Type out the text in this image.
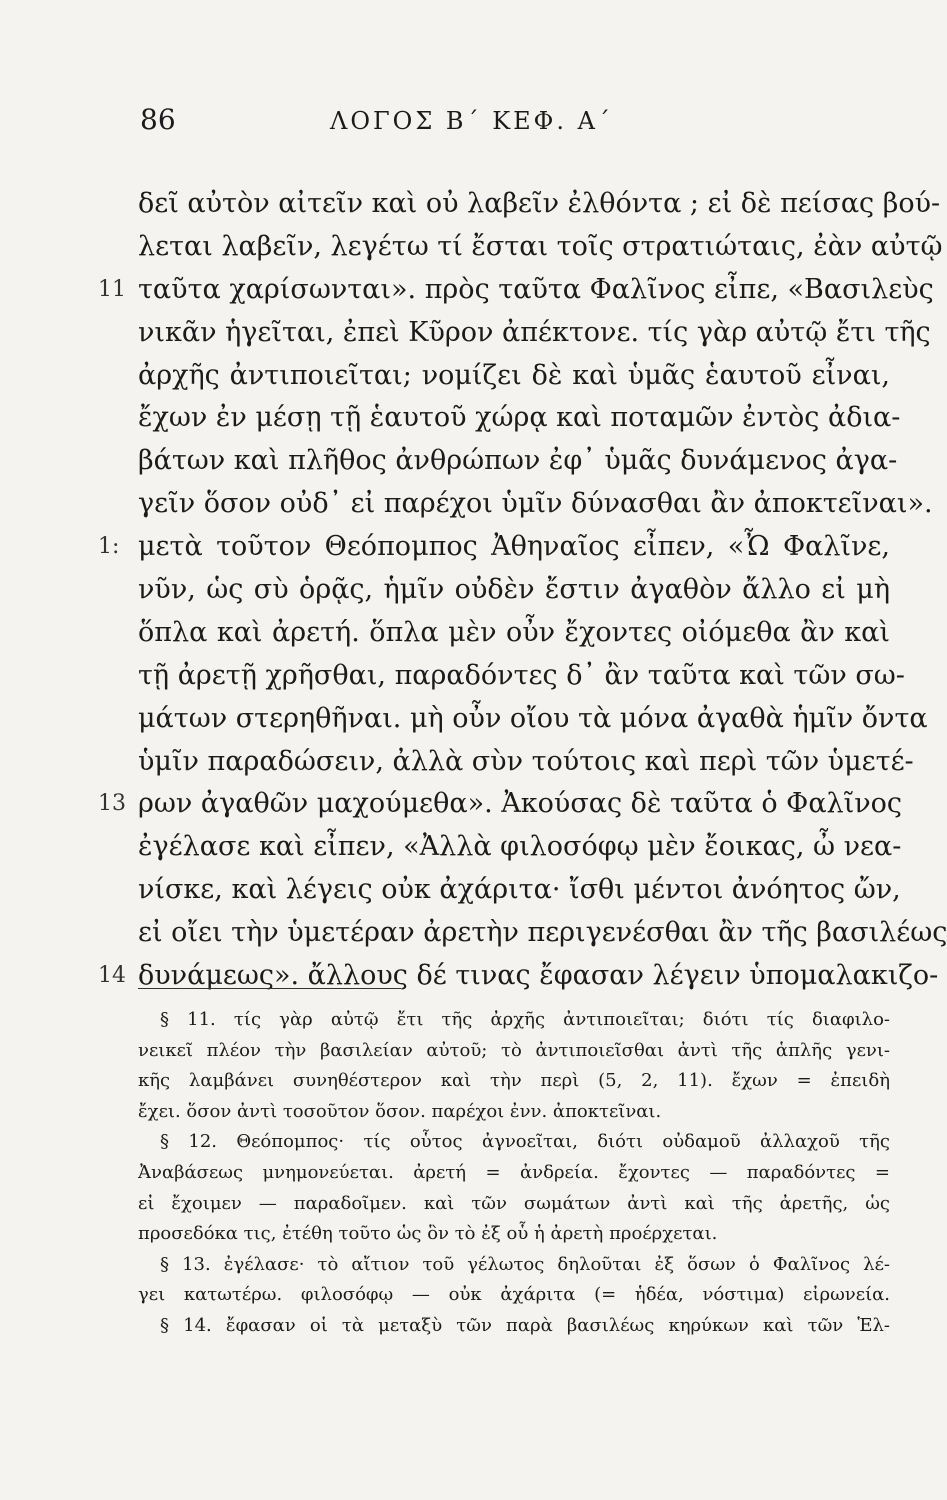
86	ΛΟΓΟΣ Β΄ ΚΕΦ. Α΄
δεῖ αὐτὸν αἰτεῖν καὶ οὐ λαβεῖν ἐλθόντα ; εἰ δὲ πείσας βού-
λεται λαβεῖν, λεγέτω τί ἔσται τοῖς στρατιώταις, ἐὰν αὐτῷ
11 ταῦτα χαρίσωνται». πρὸς ταῦτα Φαλῖνος εἶπε, «Βασιλεὺς
νικᾶν ἡγεῖται, ἐπεὶ Κῦρον ἀπέκτονε. τίς γὰρ αὐτῷ ἔτι τῆς
ἀρχῆς ἀντιποιεῖται; νομίζει δὲ καὶ ὑμᾶς ἑαυτοῦ εἶναι,
ἔχων ἐν μέσῃ τῇ ἑαυτοῦ χώρᾳ καὶ ποταμῶν ἐντὸς ἀδια-
βάτων καὶ πλῆθος ἀνθρώπων ἐφ᾽ ὑμᾶς δυνάμενος ἀγα-
γεῖν ὅσον οὐδ᾽ εἰ παρέχοι ὑμῖν δύνασθαι ἂν ἀποκτεῖναι».
1: μετὰ τοῦτον Θεόπομπος Ἀθηναῖος εἶπεν, «Ὦ Φαλῖνε,
νῦν, ὡς σὺ ὁρᾷς, ἡμῖν οὐδὲν ἔστιν ἀγαθὸν ἄλλο εἰ μὴ
ὅπλα καὶ ἀρετή. ὅπλα μὲν οὖν ἔχοντες οἰόμεθα ἂν καὶ
τῇ ἀρετῇ χρῆσθαι, παραδόντες δ᾽ ἂν ταῦτα καὶ τῶν σω-
μάτων στερηθῆναι. μὴ οὖν οἴου τὰ μόνα ἀγαθὰ ἡμῖν ὄντα
ὑμῖν παραδώσειν, ἀλλὰ σὺν τούτοις καὶ περὶ τῶν ὑμετέ-
13 ρων ἀγαθῶν μαχούμεθα». Ἀκούσας δὲ ταῦτα ὁ Φαλῖνος
ἐγέλασε καὶ εἶπεν, «Ἀλλὰ φιλοσόφῳ μὲν ἔοικας, ὦ νεα-
νίσκε, καὶ λέγεις οὐκ ἀχάριτα· ἴσθι μέντοι ἀνόητος ὤν,
εἰ οἴει τὴν ὑμετέραν ἀρετὴν περιγενέσθαι ἂν τῆς βασιλέως
14 δυνάμεως». ἄλλους δέ τινας ἔφασαν λέγειν ὑπομαλακιζο-
§ 11. τίς γὰρ αὐτῷ ἔτι τῆς ἀρχῆς ἀντιποιεῖται; διότι τίς διαφιλο-
νεικεῖ πλέον τὴν βασιλείαν αὐτοῦ; τὸ ἀντιποιεῖσθαι ἀντὶ τῆς ἁπλῆς γενι-
κῆς λαμβάνει συνηθέστερον καὶ τὴν περὶ (5, 2, 11). ἔχων = ἐπειδὴ
ἔχει. ὅσον ἀντὶ τοσοῦτον ὅσον. παρέχοι ἐνν. ἀποκτεῖναι.
§ 12. Θεόπομπος· τίς οὗτος ἀγνοεῖται, διότι οὐδαμοῦ ἀλλαχοῦ τῆς
Ἀναβάσεως μνημονεύεται. ἀρετή = ἀνδρεία. ἔχοντες — παραδόντες =
εἰ ἔχοιμεν — παραδοῖμεν. καὶ τῶν σωμάτων ἀντὶ καὶ τῆς ἀρετῆς, ὡς
προσεδόκα τις, ἐτέθη τοῦτο ὡς ὃν τὸ ἐξ οὗ ἡ ἀρετὴ προέρχεται.
§ 13. ἐγέλασε· τὸ αἴτιον τοῦ γέλωτος δηλοῦται ἐξ ὅσων ὁ Φαλῖνος λέ-
γει κατωτέρω. φιλοσόφῳ — οὐκ ἀχάριτα (= ἡδέα, νόστιμα) εἰρωνεία.
§ 14. ἔφασαν οἱ τὰ μεταξὺ τῶν παρὰ βασιλέως κηρύκων καὶ τῶν Ἑλ-
